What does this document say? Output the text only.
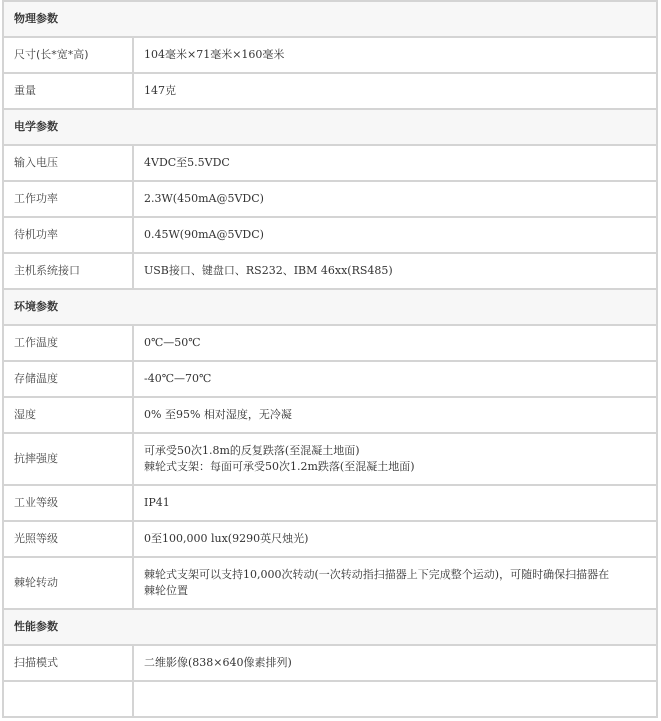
物理参数	
尺寸(长*宽*高)	104毫米×71毫米×160毫米

重量	147克

电学参数	
输入电压	4VDC至5.5VDC

工作功率	2.3W(450mA@5VDC)

待机功率	0.45W(90mA@5VDC)

主机系统接口	USB接口、键盘口、RS232、IBM 46xx(RS485)

环境参数	
工作温度	0℃—50℃

存储温度	-40℃—70℃

湿度	0% 至95% 相对湿度，无冷凝

抗摔强度	可承受50次1.8m的反复跌落(至混凝土地面)
棘轮式支架：每面可承受50次1.2m跌落(至混凝土地面)

工业等级	IP41

光照等级	0至100,000 lux(9290英尺烛光)

棘轮转动	棘轮式支架可以支持10,000次转动(一次转动指扫描器上下完成整个运动)，可随时确保扫描器在
棘轮位置

性能参数	
扫描模式	二维影像(838×640像素排列)
